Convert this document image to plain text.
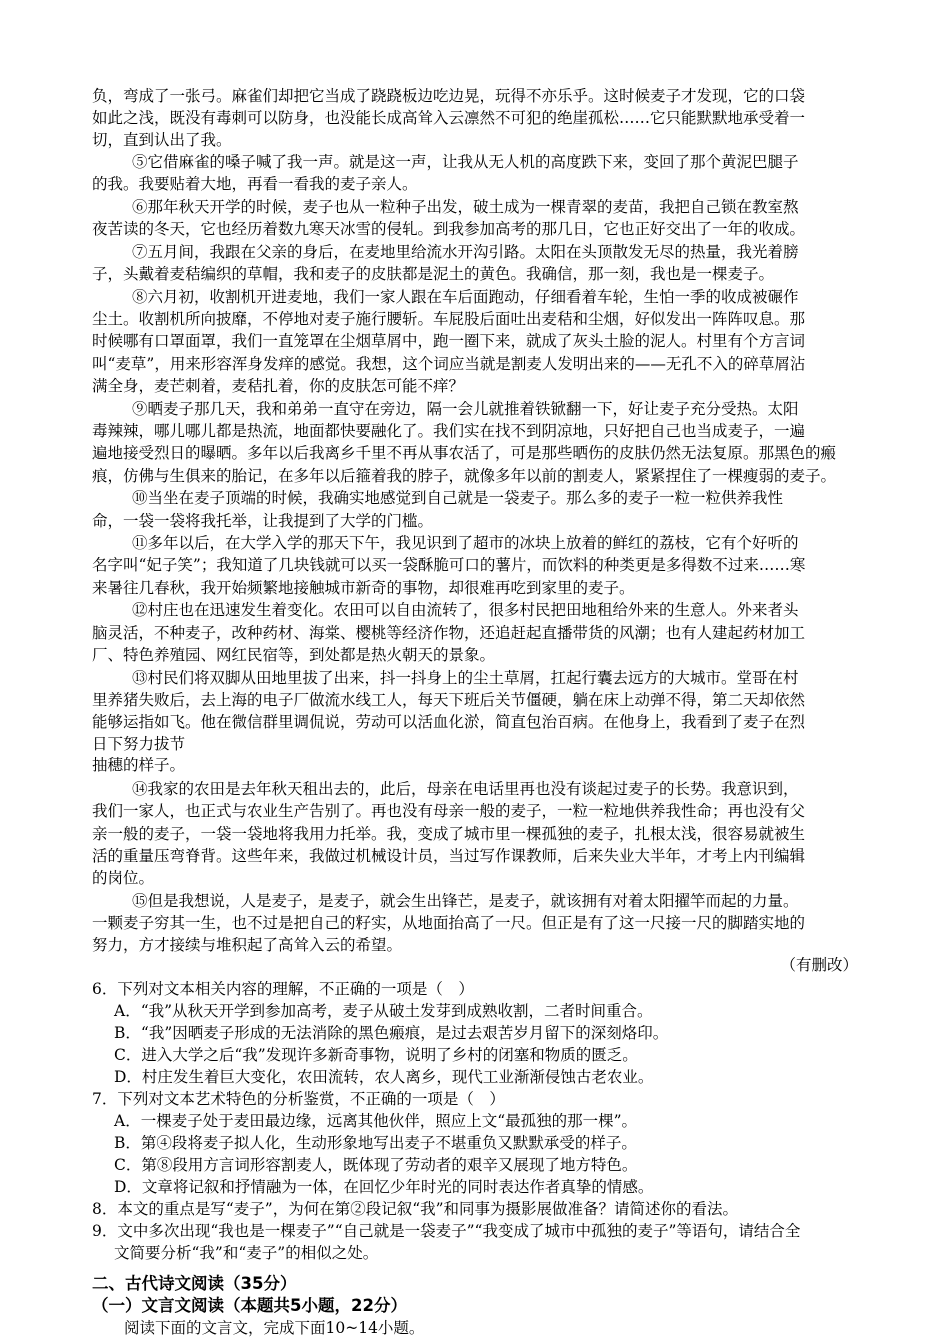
负，弯成了一张弓。麻雀们却把它当成了跷跷板边吃边晃，玩得不亦乐乎。这时候麦子才发现，它的口袋
如此之浅，既没有毒刺可以防身，也没能长成高耸入云凛然不可犯的绝崖孤松……它只能默默地承受着一
切，直到认出了我。
⑤它借麻雀的嗓子喊了我一声。就是这一声，让我从无人机的高度跌下来，变回了那个黄泥巴腿子
的我。我要贴着大地，再看一看我的麦子亲人。
⑥那年秋天开学的时候，麦子也从一粒种子出发，破土成为一棵青翠的麦苗，我把自己锁在教室熬
夜苦读的冬天，它也经历着数九寒天冰雪的侵轧。到我参加高考的那几日，它也正好交出了一年的收成。
⑦五月间，我跟在父亲的身后，在麦地里给流水开沟引路。太阳在头顶散发无尽的热量，我光着膀
子，头戴着麦秸编织的草帽，我和麦子的皮肤都是泥土的黄色。我确信，那一刻，我也是一棵麦子。
⑧六月初，收割机开进麦地，我们一家人跟在车后面跑动，仔细看着车轮，生怕一季的收成被碾作
尘土。收割机所向披靡，不停地对麦子施行腰斩。车屁股后面吐出麦秸和尘烟，好似发出一阵阵叹息。那
时候哪有口罩面罩，我们一直笼罩在尘烟草屑中，跑一圈下来，就成了灰头土脸的泥人。村里有个方言词
叫“麦草”，用来形容浑身发痒的感觉。我想，这个词应当就是割麦人发明出来的——无孔不入的碎草屑沾
满全身，麦芒刺着，麦秸扎着，你的皮肤怎可能不痒？
⑨晒麦子那几天，我和弟弟一直守在旁边，隔一会儿就推着铁锨翻一下，好让麦子充分受热。太阳
毒辣辣，哪儿哪儿都是热流，地面都快要融化了。我们实在找不到阴凉地，只好把自己也当成麦子，一遍
遍地接受烈日的曝晒。多年以后我离乡千里不再从事农活了，可是那些晒伤的皮肤仍然无法复原。那黑色的瘢
痕，仿佛与生俱来的胎记，在多年以后箍着我的脖子，就像多年以前的割麦人，紧紧捏住了一棵瘦弱的麦子。
⑩当坐在麦子顶端的时候，我确实地感觉到自己就是一袋麦子。那么多的麦子一粒一粒供养我性
命，一袋一袋将我托举，让我提到了大学的门槛。
⑪多年以后，在大学入学的那天下午，我见识到了超市的冰块上放着的鲜红的荔枝，它有个好听的
名字叫“妃子笑”；我知道了几块钱就可以买一袋酥脆可口的薯片，而饮料的种类更是多得数不过来……寒
来暑往几春秋，我开始频繁地接触城市新奇的事物，却很难再吃到家里的麦子。
⑫村庄也在迅速发生着变化。农田可以自由流转了，很多村民把田地租给外来的生意人。外来者头
脑灵活，不种麦子，改种药材、海棠、樱桃等经济作物，还追赶起直播带货的风潮；也有人建起药材加工
厂、特色养殖园、网红民宿等，到处都是热火朝天的景象。
⑬村民们将双脚从田地里拔了出来，抖一抖身上的尘土草屑，扛起行囊去远方的大城市。堂哥在村
里养猪失败后，去上海的电子厂做流水线工人，每天下班后关节僵硬，躺在床上动弹不得，第二天却依然
能够运指如飞。他在微信群里调侃说，劳动可以活血化淤，简直包治百病。在他身上，我看到了麦子在烈
日下努力拔节
抽穗的样子。
⑭我家的农田是去年秋天租出去的，此后，母亲在电话里再也没有谈起过麦子的长势。我意识到，
我们一家人，也正式与农业生产告别了。再也没有母亲一般的麦子，一粒一粒地供养我性命；再也没有父
亲一般的麦子，一袋一袋地将我用力托举。我，变成了城市里一棵孤独的麦子，扎根太浅，很容易就被生
活的重量压弯脊背。这些年来，我做过机械设计员，当过写作课教师，后来失业大半年，才考上内刊编辑
的岗位。
⑮但是我想说，人是麦子，是麦子，就会生出锋芒，是麦子，就该拥有对着太阳擢竿而起的力量。
一颗麦子穷其一生，也不过是把自己的籽实，从地面抬高了一尺。但正是有了这一尺接一尺的脚踏实地的
努力，方才接续与堆积起了高耸入云的希望。
（有删改）
6．下列对文本相关内容的理解，不正确的一项是（　）
A．“我”从秋天开学到参加高考，麦子从破土发芽到成熟收割，二者时间重合。
B．“我”因晒麦子形成的无法消除的黑色瘢痕，是过去艰苦岁月留下的深刻烙印。
C．进入大学之后“我”发现许多新奇事物，说明了乡村的闭塞和物质的匮乏。
D．村庄发生着巨大变化，农田流转，农人离乡，现代工业渐渐侵蚀古老农业。
7．下列对文本艺术特色的分析鉴赏，不正确的一项是（　）
A．一棵麦子处于麦田最边缘，远离其他伙伴，照应上文“最孤独的那一棵”。
B．第④段将麦子拟人化，生动形象地写出麦子不堪重负又默默承受的样子。
C．第⑧段用方言词形容割麦人，既体现了劳动者的艰辛又展现了地方特色。
D．文章将记叙和抒情融为一体，在回忆少年时光的同时表达作者真挚的情感。
8．本文的重点是写“麦子”，为何在第②段记叙“我”和同事为摄影展做准备？请简述你的看法。
9．文中多次出现“我也是一棵麦子”“自己就是一袋麦子”“我变成了城市中孤独的麦子”等语句，请结合全
文简要分析“我”和“麦子”的相似之处。
二、古代诗文阅读（35分）
（一）文言文阅读（本题共5小题，22分）
阅读下面的文言文，完成下面10~14小题。
